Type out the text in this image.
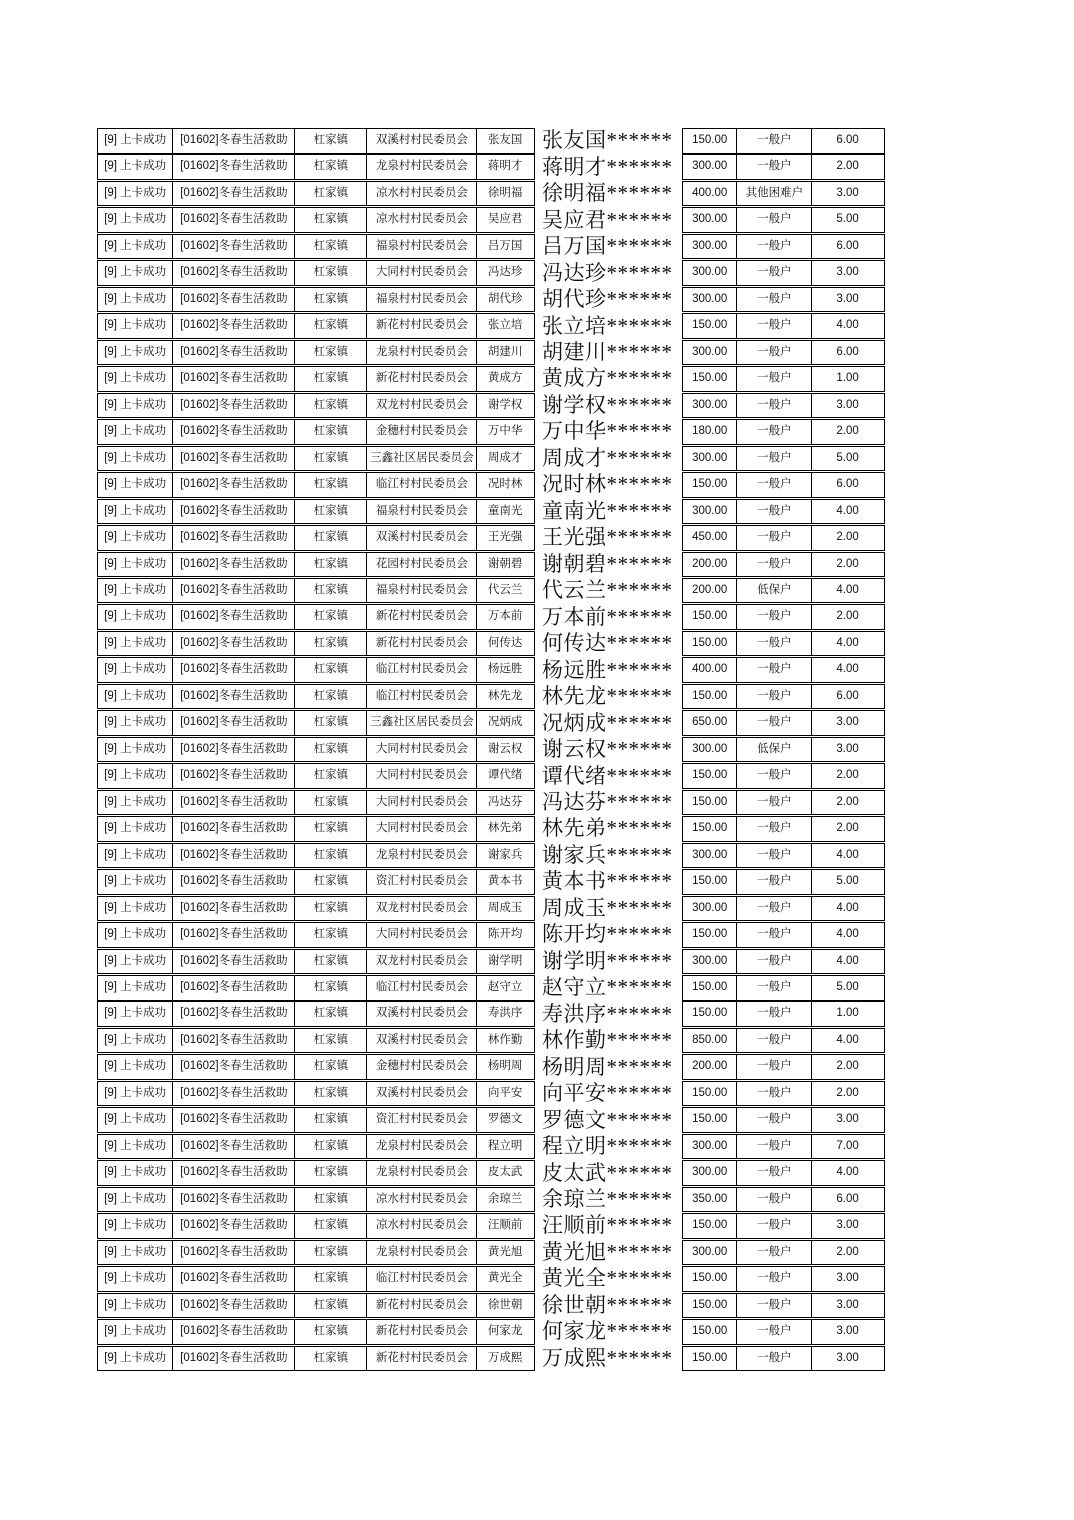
[9] 上卡成功	[01602]冬春生活救助	杠家镇	双溪村村民委员会	张友国 张友国******	150.00	一般户	6.00
[9] 上卡成功	[01602]冬春生活救助	杠家镇	龙泉村村民委员会	蒋明才 蒋明才******	300.00	一般户	2.00
[9] 上卡成功	[01602]冬春生活救助	杠家镇	凉水村村民委员会	徐明福 徐明福******	400.00	其他困难户	3.00
[9] 上卡成功	[01602]冬春生活救助	杠家镇	凉水村村民委员会	吴应君 吴应君******	300.00	一般户	5.00
[9] 上卡成功	[01602]冬春生活救助	杠家镇	福泉村村民委员会	吕万国 吕万国******	300.00	一般户	6.00
[9] 上卡成功	[01602]冬春生活救助	杠家镇	大同村村民委员会	冯达珍 冯达珍******	300.00	一般户	3.00
[9] 上卡成功	[01602]冬春生活救助	杠家镇	福泉村村民委员会	胡代珍 胡代珍******	300.00	一般户	3.00
[9] 上卡成功	[01602]冬春生活救助	杠家镇	新花村村民委员会	张立培 张立培******	150.00	一般户	4.00
[9] 上卡成功	[01602]冬春生活救助	杠家镇	龙泉村村民委员会	胡建川 胡建川******	300.00	一般户	6.00
[9] 上卡成功	[01602]冬春生活救助	杠家镇	新花村村民委员会	黄成方 黄成方******	150.00	一般户	1.00
[9] 上卡成功	[01602]冬春生活救助	杠家镇	双龙村村民委员会	谢学权 谢学权******	300.00	一般户	3.00
[9] 上卡成功	[01602]冬春生活救助	杠家镇	金穗村村民委员会	万中华 万中华******	180.00	一般户	2.00
[9] 上卡成功	[01602]冬春生活救助	杠家镇	三鑫社区居民委员会	周成才 周成才******	300.00	一般户	5.00
[9] 上卡成功	[01602]冬春生活救助	杠家镇	临江村村民委员会	况时林 况时林******	150.00	一般户	6.00
[9] 上卡成功	[01602]冬春生活救助	杠家镇	福泉村村民委员会	童南光 童南光******	300.00	一般户	4.00
[9] 上卡成功	[01602]冬春生活救助	杠家镇	双溪村村民委员会	王光强 王光强******	450.00	一般户	2.00
[9] 上卡成功	[01602]冬春生活救助	杠家镇	花园村村民委员会	谢朝碧 谢朝碧******	200.00	一般户	2.00
[9] 上卡成功	[01602]冬春生活救助	杠家镇	福泉村村民委员会	代云兰 代云兰******	200.00	低保户	4.00
[9] 上卡成功	[01602]冬春生活救助	杠家镇	新花村村民委员会	万本前 万本前******	150.00	一般户	2.00
[9] 上卡成功	[01602]冬春生活救助	杠家镇	新花村村民委员会	何传达 何传达******	150.00	一般户	4.00
[9] 上卡成功	[01602]冬春生活救助	杠家镇	临江村村民委员会	杨远胜 杨远胜******	400.00	一般户	4.00
[9] 上卡成功	[01602]冬春生活救助	杠家镇	临江村村民委员会	林先龙 林先龙******	150.00	一般户	6.00
[9] 上卡成功	[01602]冬春生活救助	杠家镇	三鑫社区居民委员会	况炳成 况炳成******	650.00	一般户	3.00
[9] 上卡成功	[01602]冬春生活救助	杠家镇	大同村村民委员会	谢云权 谢云权******	300.00	低保户	3.00
[9] 上卡成功	[01602]冬春生活救助	杠家镇	大同村村民委员会	谭代绪 谭代绪******	150.00	一般户	2.00
[9] 上卡成功	[01602]冬春生活救助	杠家镇	大同村村民委员会	冯达芬 冯达芬******	150.00	一般户	2.00
[9] 上卡成功	[01602]冬春生活救助	杠家镇	大同村村民委员会	林先弟 林先弟******	150.00	一般户	2.00
[9] 上卡成功	[01602]冬春生活救助	杠家镇	龙泉村村民委员会	谢家兵 谢家兵******	300.00	一般户	4.00
[9] 上卡成功	[01602]冬春生活救助	杠家镇	资汇村村民委员会	黄本书 黄本书******	150.00	一般户	5.00
[9] 上卡成功	[01602]冬春生活救助	杠家镇	双龙村村民委员会	周成玉 周成玉******	300.00	一般户	4.00
[9] 上卡成功	[01602]冬春生活救助	杠家镇	大同村村民委员会	陈开均 陈开均******	150.00	一般户	4.00
[9] 上卡成功	[01602]冬春生活救助	杠家镇	双龙村村民委员会	谢学明 谢学明******	300.00	一般户	4.00
[9] 上卡成功	[01602]冬春生活救助	杠家镇	临江村村民委员会	赵守立 赵守立******	150.00	一般户	5.00
[9] 上卡成功	[01602]冬春生活救助	杠家镇	双溪村村民委员会	寿洪序 寿洪序******	150.00	一般户	1.00
[9] 上卡成功	[01602]冬春生活救助	杠家镇	双溪村村民委员会	林作勤 林作勤******	850.00	一般户	4.00
[9] 上卡成功	[01602]冬春生活救助	杠家镇	金穗村村民委员会	杨明周 杨明周******	200.00	一般户	2.00
[9] 上卡成功	[01602]冬春生活救助	杠家镇	双溪村村民委员会	向平安 向平安******	150.00	一般户	2.00
[9] 上卡成功	[01602]冬春生活救助	杠家镇	资汇村村民委员会	罗德文 罗德文******	150.00	一般户	3.00
[9] 上卡成功	[01602]冬春生活救助	杠家镇	龙泉村村民委员会	程立明 程立明******	300.00	一般户	7.00
[9] 上卡成功	[01602]冬春生活救助	杠家镇	龙泉村村民委员会	皮太武 皮太武******	300.00	一般户	4.00
[9] 上卡成功	[01602]冬春生活救助	杠家镇	凉水村村民委员会	余琼兰 余琼兰******	350.00	一般户	6.00
[9] 上卡成功	[01602]冬春生活救助	杠家镇	凉水村村民委员会	汪顺前 汪顺前******	150.00	一般户	3.00
[9] 上卡成功	[01602]冬春生活救助	杠家镇	龙泉村村民委员会	黄光旭 黄光旭******	300.00	一般户	2.00
[9] 上卡成功	[01602]冬春生活救助	杠家镇	临江村村民委员会	黄光全 黄光全******	150.00	一般户	3.00
[9] 上卡成功	[01602]冬春生活救助	杠家镇	新花村村民委员会	徐世朝 徐世朝******	150.00	一般户	3.00
[9] 上卡成功	[01602]冬春生活救助	杠家镇	新花村村民委员会	何家龙 何家龙******	150.00	一般户	3.00
[9] 上卡成功	[01602]冬春生活救助	杠家镇	新花村村民委员会	万成熙 万成熙******	150.00	一般户	3.00
